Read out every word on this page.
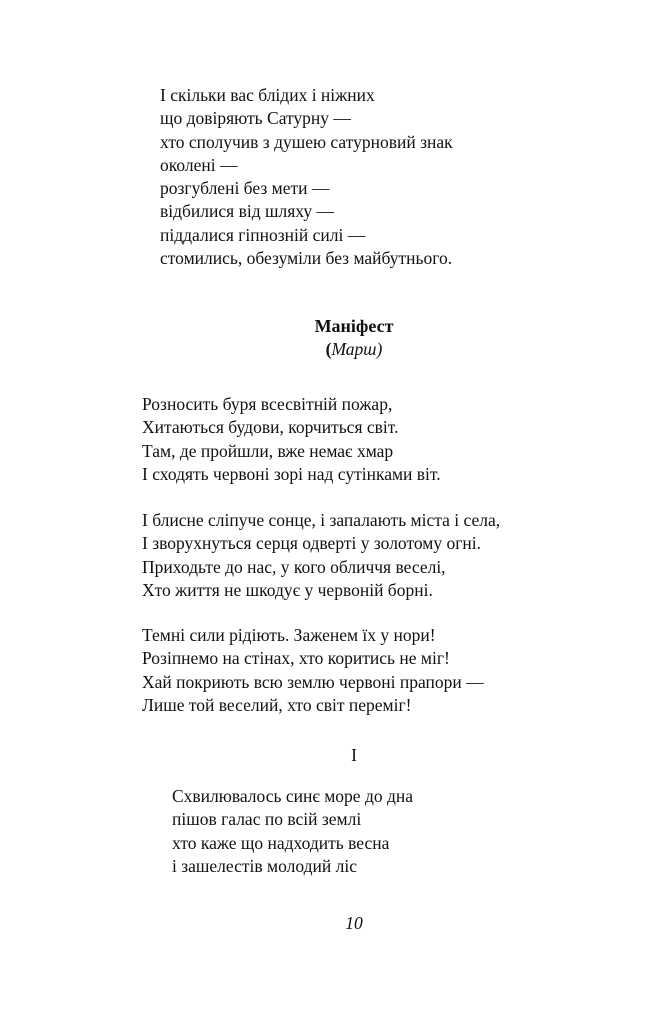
І скільки вас блідих і ніжних
що довіряють Сатурну —
хто сполучив з душею сатурновий знак
околені —
розгублені без мети —
відбилися від шляху —
піддалися гіпнозній силі —
стомились, обезуміли без майбутнього.
Маніфест
(Марш)
Розносить буря всесвітній пожар,
Хитаються будови, корчиться світ.
Там, де пройшли, вже немає хмар
І сходять червоні зорі над сутінками віт.
І блисне сліпуче сонце, і запалають міста і села,
І зворухнуться серця одверті у золотому огні.
Приходьте до нас, у кого обличчя веселі,
Хто життя не шкодує у червоній борні.
Темні сили рідіють. Заженем їх у нори!
Розіпнемо на стінах, хто коритись не міг!
Хай покриють всю землю червоні прапори —
Лише той веселий, хто світ переміг!
I
Схвилювалось синє море до дна
пішов галас по всій землі
хто каже що надходить весна
і зашелестів молодий ліс
10
